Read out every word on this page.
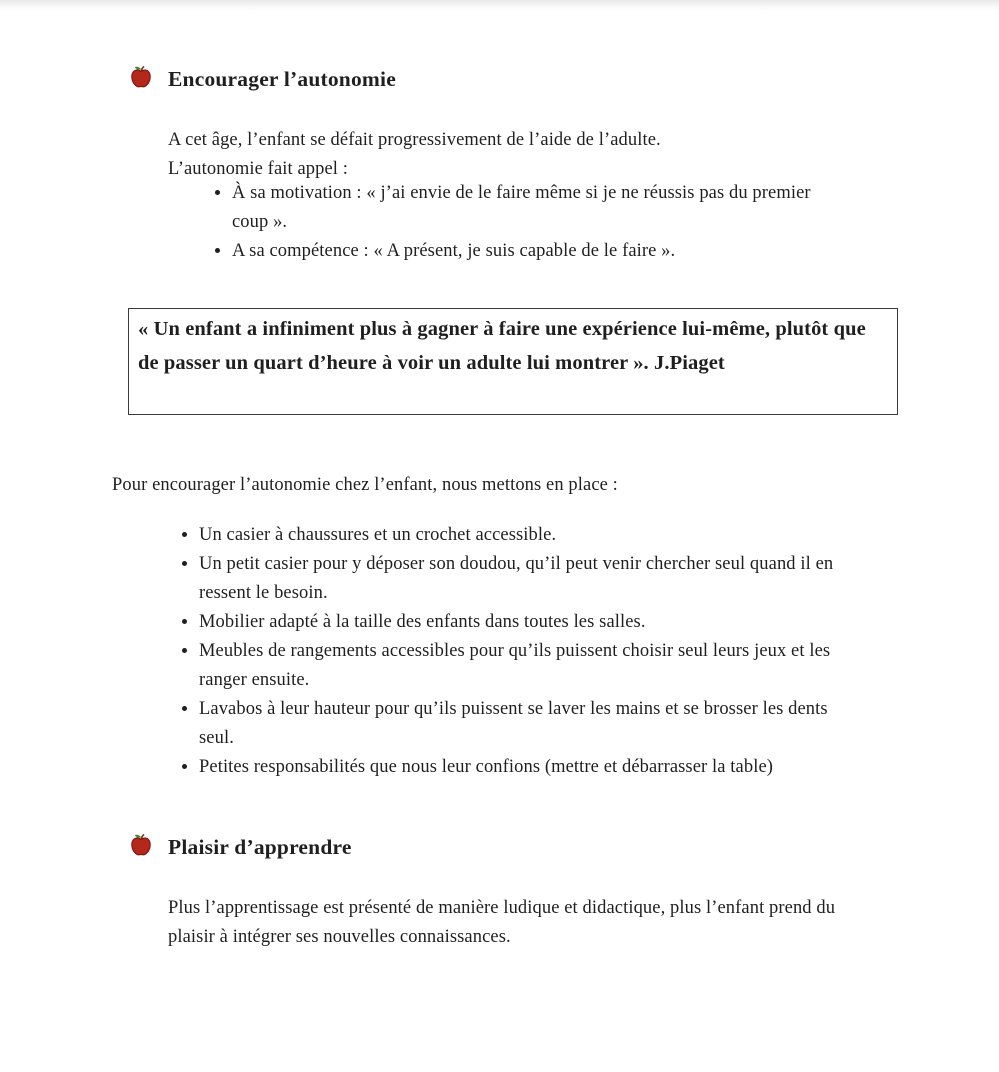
Encourager l’autonomie
A cet âge, l’enfant se défait progressivement de l’aide de l’adulte.
L’autonomie fait appel :
• À sa motivation : « j’ai envie de le faire même si je ne réussis pas du premier coup ».
• A sa compétence : « A présent, je suis capable de le faire ».
« Un enfant a infiniment plus à gagner à faire une expérience lui-même, plutôt que de passer un quart d’heure à voir un adulte lui montrer ». J.Piaget

Pour encourager l’autonomie chez l’enfant, nous mettons en place :

• Un casier à chaussures et un crochet accessible.
• Un petit casier pour y déposer son doudou, qu’il peut venir chercher seul quand il en ressent le besoin.
• Mobilier adapté à la taille des enfants dans toutes les salles.
• Meubles de rangements accessibles pour qu’ils puissent choisir seul leurs jeux et les ranger ensuite.
• Lavabos à leur hauteur pour qu’ils puissent se laver les mains et se brosser les dents seul.
• Petites responsabilités que nous leur confions (mettre et débarrasser la table)
Plaisir d’apprendre

Plus l’apprentissage est présenté de manière ludique et didactique, plus l’enfant prend du plaisir à intégrer ses nouvelles connaissances.
